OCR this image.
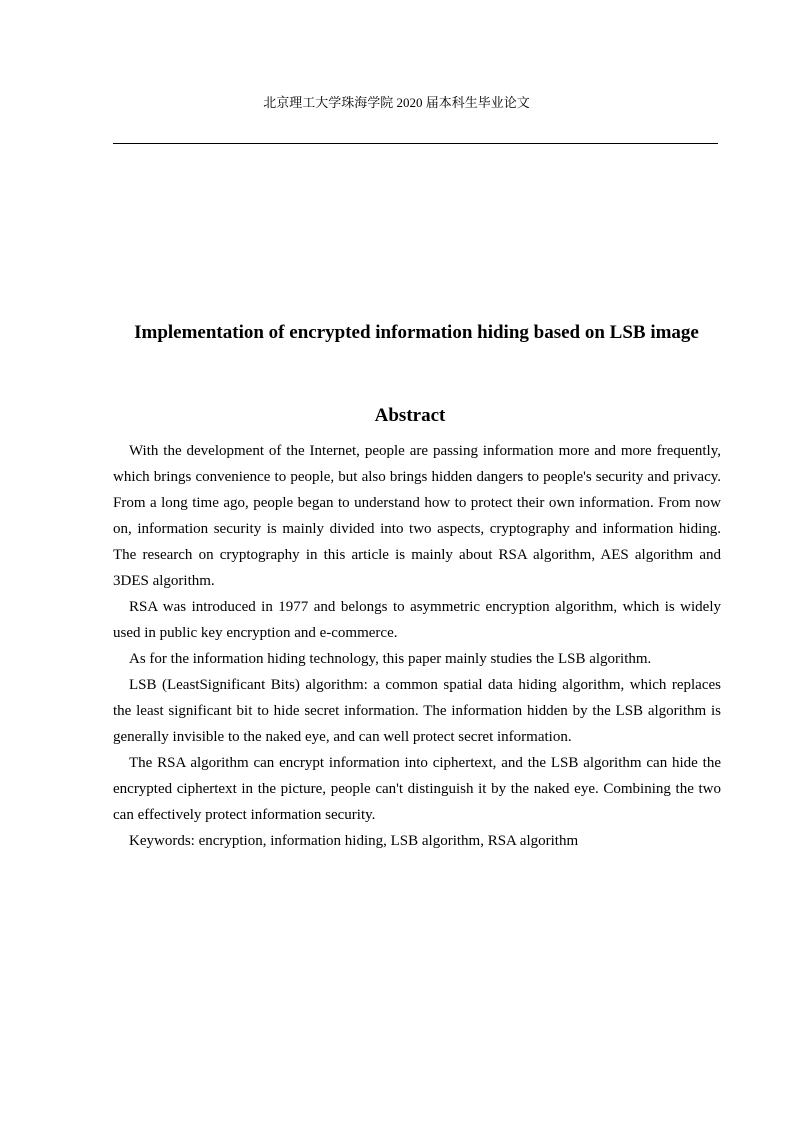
北京理工大学珠海学院 2020 届本科生毕业论文
Implementation of encrypted information hiding based on LSB image
Abstract

With the development of the Internet, people are passing information more and more frequently, which brings convenience to people, but also brings hidden dangers to people's security and privacy. From a long time ago, people began to understand how to protect their own information. From now on, information security is mainly divided into two aspects, cryptography and information hiding. The research on cryptography in this article is mainly about RSA algorithm, AES algorithm and 3DES algorithm.

RSA was introduced in 1977 and belongs to asymmetric encryption algorithm, which is widely used in public key encryption and e-commerce.

As for the information hiding technology, this paper mainly studies the LSB algorithm.

LSB (LeastSignificant Bits) algorithm: a common spatial data hiding algorithm, which replaces the least significant bit to hide secret information. The information hidden by the LSB algorithm is generally invisible to the naked eye, and can well protect secret information.

The RSA algorithm can encrypt information into ciphertext, and the LSB algorithm can hide the encrypted ciphertext in the picture, people can't distinguish it by the naked eye. Combining the two can effectively protect information security.

Keywords: encryption, information hiding, LSB algorithm, RSA algorithm
